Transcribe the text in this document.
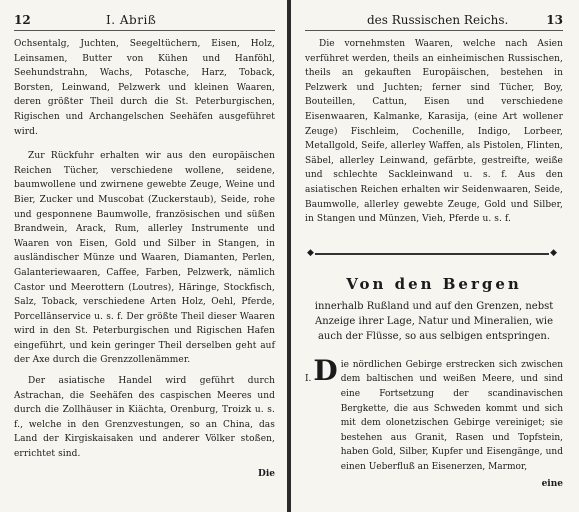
12	I. Abriß

Ochsentalg, Juchten, Seegeltüchern, Eisen, Holz, Leinsamen, Butter von Kühen und Hanföhl, Seehundstrahn, Wachs, Potasche, Harz, Toback, Borsten, Leinwand, Pelzwerk und kleinen Waaren, deren größter Theil durch die St. Peterburgischen, Rigischen und Archangelschen Seehäfen ausgeführet wird.

Zur Rückfuhr erhalten wir aus den europäischen Reichen Tücher, verschiedene wollene, seidene, baumwollene und zwirnene gewebte Zeuge, Weine und Bier, Zucker und Muscobat (Zuckerstaub), Seide, rohe und gesponnene Baumwolle, französischen und süßen Brandwein, Arack, Rum, allerley Instrumente und Waaren von Eisen, Gold und Silber in Stangen, in ausländischer Münze und Waaren, Diamanten, Perlen, Galanteriewaaren, Caffee, Farben, Pelzwerk, nämlich Castor und Meerottern (Loutres), Häringe, Stockfisch, Salz, Toback, verschiedene Arten Holz, Oehl, Pferde, Porcellänservice u. s. f. Der größte Theil dieser Waaren wird in den St. Peterburgischen und Rigischen Hafen eingeführt, und kein geringer Theil derselben geht auf der Axe durch die Grenzzollenämmer.

Der asiatische Handel wird geführt durch Astrachan, die Seehäfen des caspischen Meeres und durch die Zollhäuser in Kiächta, Orenburg, Troizk u. s. f., welche in den Grenzvestungen, so an China, das Land der Kirgiskaisaken und anderer Völker stoßen, errichtet sind.

Die
des Russischen Reichs.	13

Die vornehmsten Waaren, welche nach Asien verführet werden, theils an einheimischen Russischen, theils an gekauften Europäischen, bestehen in Pelzwerk und Juchten; ferner sind Tücher, Boy, Bouteillen, Cattun, Eisen und verschiedene Eisenwaaren, Kalmanke, Karasija, (eine Art wollener Zeuge) Fischleim, Cochenille, Indigo, Lorbeer, Metallgold, Seife, allerley Waffen, als Pistolen, Flinten, Säbel, allerley Leinwand, gefärbte, gestreifte, weiße und schlechte Sackleinwand u. s. f. Aus den asiatischen Reichen erhalten wir Seidenwaaren, Seide, Baumwolle, allerley gewebte Zeuge, Gold und Silber, in Stangen und Münzen, Vieh, Pferde u. s. f.

◆	◆
Von den Bergen
innerhalb Rußland und auf den Grenzen, nebst Anzeige ihrer Lage, Natur und Mineralien, wie auch der Flüsse, so aus selbigen entspringen.
I. D ie nördlichen Gebirge erstrecken sich zwischen dem baltischen und weißen Meere, und sind eine Fortsetzung der scandinavischen Bergkette, die aus Schweden kommt und sich mit dem olonetzischen Gebirge vereiniget; sie bestehen aus Granit, Rasen und Topfstein, haben Gold, Silber, Kupfer und Eisengänge, und einen Ueberfluß an Eisenerzen, Marmor,

eine
